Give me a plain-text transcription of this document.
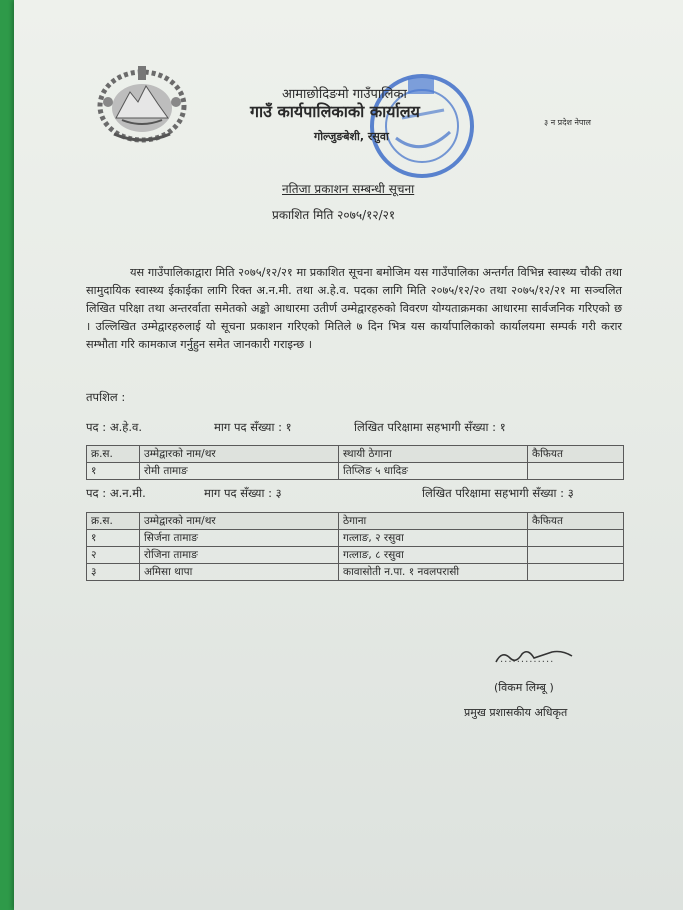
आमाछोदिङमो गाउँपालिका
गाउँ कार्यपालिकाको कार्यालय
गोल्जुङबेशी, रसुवा
३ न प्रदेश नेपाल
नतिजा प्रकाशन सम्बन्धी सूचना
प्रकाशित मिति २०७५/१२/२१
यस गाउँपालिकाद्वारा मिति २०७५/१२/२१ मा प्रकाशित सूचना बमोजिम यस गाउँपालिका अन्तर्गत विभिन्न स्वास्थ्य चौकी तथा सामुदायिक स्वास्थ्य ईकाईका लागि रिक्त अ.न.मी. तथा अ.हे.व. पदका लागि मिति २०७५/१२/२० तथा २०७५/१२/२१ मा सञ्चलित लिखित परिक्षा तथा अन्तरर्वाता समेतको अङ्को आधारमा उतीर्ण उम्मेद्वारहरुको विवरण योग्यताक्रमका आधारमा सार्वजनिक गरिएको छ । उल्लिखित उम्मेद्वारहरुलाई यो सूचना प्रकाशन गरिएको मितिले ७ दिन भित्र यस कार्यापालिकाको कार्यालयमा सम्पर्क गरी करार सम्भौता गरि कामकाज गर्नुहुन समेत जानकारी गराइन्छ ।
तपशिल :
पद : अ.हे.व.	माग पद सँख्या : १	लिखित परिक्षामा सहभागी सँख्या : १
क्र.स.	उम्मेद्वारको नाम/थर	स्थायी ठेगाना	कैफियत
१	रोमी तामाङ	तिप्लिङ ५ धादिङ	
पद : अ.न.मी.	माग पद सँख्या : ३	लिखित परिक्षामा सहभागी सँख्या : ३
क्र.स.	उम्मेद्वारको नाम/थर	ठेगाना	कैफियत
१	सिर्जना तामाङ	गत्लाङ, २ रसुवा	
२	रोजिना तामाङ	गत्लाङ, ८ रसुवा	
३	अमिसा थापा	कावासोती न.पा. १ नवलपरासी	
.............
(विकम लिम्बू )
प्रमुख प्रशासकीय अधिकृत
